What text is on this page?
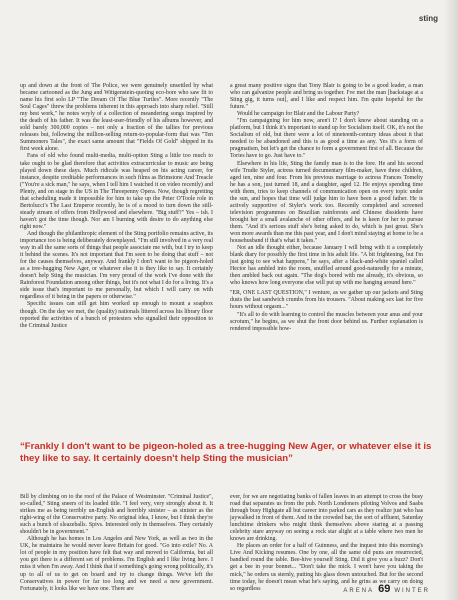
sting

up and down at the front of The Police, we were genuinely unsettled by what became cartooned as the Jung and Wittgenstein-quoting eco-bore who saw fit to name his first solo LP "The Dream Of The Blue Turtles". More recently "The Soul Cages" threw the problems inherent in this approach into sharp relief. "Still my best work," he notes wryly of a collection of meandering songs inspired by the death of his father. It was the least-user-friendly of his albums however, and sold barely 300,000 copies – not only a fraction of the tallies for previous releases but, following the million-selling return-to-popular-form that was "Ten Summoners Tales", the exact same amount that "Fields Of Gold" shipped in its first week alone.

Fans of old who found multi-media, multi-option Sting a little too much to take ought to be glad therefore that activities extracurricular to music are being played down these days. Much ridicule was heaped on his acting career, for instance, despite creditable performances in such films as Brimstone And Treacle ("You're a sick man," he says, when I tell him I watched it on video recently) and Plenty, and on stage in the US in The Threepenny Opera. Now, though regretting that scheduling made it impossible for him to take up the Peter O'Toole role in Bertolucci's The Last Emperor recently, he is of a mood to turn down the still-steady stream of offers from Hollywood and elsewhere. "Big stuff?" Yes – ish. I haven't got the time though. Nor am I burning with desire to do anything else right now."

And though the philanthropic element of the Sting portfolio remains active, its importance too is being deliberately downplayed. "I'm still involved in a very real way in all the same sorts of things that people associate me with, but I try to keep it behind the scenes. It's not important that I'm seen to be doing that stuff – not for the causes themselves, anyway. And frankly I don't want to be pigeon-holed as a tree-hugging New Ager, or whatever else it is they like to say. It certainly doesn't help Sting the musician. I'm very proud of the work I've done with the Rainforest Foundation among other things, but it's not what I do for a living. It's a side issue that's important to me personally, but which I will carry on with regardless of it being in the papers or otherwise."

Specific issues can still get him worked up enough to mount a soapbox though. On the day we met, the (quality) nationals littered across his library floor reported the activities of a bunch of protesters who signalled their opposition to the Criminal Justice

a great many positive signs that Tony Blair is going to be a good leader, a man who can galvanize people and bring us together. I've met the man [backstage at a Sting gig, it turns out], and I like and respect him. I'm quite hopeful for the future."

Would he campaign for Blair and the Labour Party?

"I'm campaigning for him now, aren't I? I don't know about standing on a platform, but I think it's important to stand up for Socialism itself. OK, it's not the Socialism of old, but there were a lot of nineteenth-century ideas about it that needed to be abandoned and this is as good a time as any. Yes it's a form of pragmatism, but let's get the chance to form a government first of all. Because the Tories have to go. Just have to."

Elsewhere in his life, Sting the family man is to the fore. He and his second wife Trudie Styler, actress turned documentary film-maker, have three children, aged ten, nine and four. From his previous marriage to actress Frances Tomelty he has a son, just turned 18, and a daughter, aged 12. He enjoys spending time with them, tries to keep channels of communication open on every topic under the sun, and hopes that time will judge him to have been a good father. He is actively supportive of Styler's work too. Recently completed and screened television programmes on Brazilian rainforests and Chinese dissidents have brought her a small avalanche of other offers, and he is keen for her to pursue them. "And it's serious stuff she's being asked to do, which is just great. She's won more awards than me this past year, and I don't mind staying at home to be a househusband if that's what it takes."

Not an idle thought either, because January I will bring with it a completely blank diary for possibly the first time in his adult life. "A bit frightening, but I'm just going to see what happens," he says, after a black-and-white spaniel called Hector has ambled into the room, snuffled around good-naturedly for a minute, then ambled back out again. "The dog's bored with me already, it's obvious, so who knows how long everyone else will put up with me hanging around here."

"ER, ONE LAST QUESTION," I venture, as we gather up our jackets and Sting dusts the last sandwich crumbs from his trousers. "About making sex last for five hours without orgasm..."

"It's all to do with learning to control the muscles between your anus and your scrotum," he begins, as we shut the front door behind us. Further explanation is rendered impossible how-

“Frankly I don't want to be pigeon-holed as a tree-hugging New Ager, or whatever else it is they like to say. It certainly doesn't help Sting the musician”

Bill by climbing on to the roof of the Palace of Westminster. "Criminal Justice", so-called," Sting sneers of its loaded title. "I feel very, very strongly about it. It strikes me as being terribly un-English and horribly sinister – as sinister as the right-wing of the Conservative party. No original idea, I know, but I think they're such a bunch of sleazeballs. Spivs. Interested only in themselves. They certainly shouldn't be in government."

Although he has homes in Los Angeles and New York, as well as two in the UK, he maintains he would never leave Britain for good. "Go into exile? No. A lot of people in my position have felt that way and moved to California, but all you get there is a different set of problems. I'm English and I like living here. I miss it when I'm away. And I think that if something's going wrong politically, it's up to all of us to get on board and try to change things. We've left the Conservatives in power for far too long and we need a new government. Fortunately, it looks like we have one. There are

ever, for we are negotiating banks of fallen leaves in an attempt to cross the busy road that separates us from the pub. North Londoners piloting Volvos and Saabs through busy Highgate all but career into parked cars as they realize just who has jaywalked in front of them. And in the crowded bar, the sort of affluent, Saturday lunchtime drinkers who might think themselves above staring at a passing celebrity stare anyway on seeing a rock star alight at a table where two men he knows are drinking.

He places an order for a half of Guinness, and the inquest into this morning's Live And Kicking resumes. One by one, all the same old puns are resurrected, bandied round the table. Bee-hive yourself Sting. Did it give you a buzz? Don't get a bee in your bonnet... "Don't take the mick. I won't have you taking the mick," he orders us sternly, putting his glass down untouched. But for the second time today, he doesn't mean what he's saying, and he grins as we carry on doing so regardless	ARENA 69 WINTER
